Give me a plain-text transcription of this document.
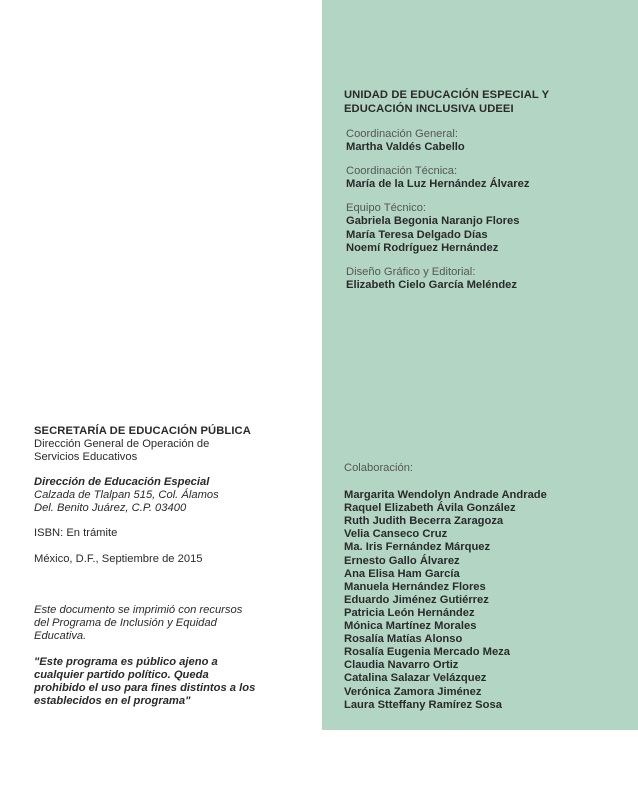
UNIDAD DE EDUCACIÓN ESPECIAL Y
EDUCACIÓN INCLUSIVA UDEEI
Coordinación General:
Martha Valdés Cabello
Coordinación Técnica:
María de la Luz Hernández Álvarez
Equipo Técnico:
Gabriela Begonia Naranjo Flores
María Teresa Delgado Días
Noemí Rodríguez Hernández
Diseño Gráfico y Editorial:
Elizabeth Cielo García Meléndez
Colaboración:
Margarita Wendolyn Andrade Andrade
Raquel Elizabeth Ávila González
Ruth Judith Becerra Zaragoza
Velia Canseco Cruz
Ma. Iris Fernández Márquez
Ernesto Gallo Álvarez
Ana Elisa Ham García
Manuela Hernández Flores
Eduardo Jiménez Gutiérrez
Patricia León Hernández
Mónica Martínez Morales
Rosalía Matías Alonso
Rosalía Eugenia Mercado Meza
Claudia Navarro Ortiz
Catalina Salazar Velázquez
Verónica Zamora Jiménez
Laura Stteffany Ramírez Sosa
SECRETARÍA DE EDUCACIÓN PÚBLICA
Dirección General de Operación de
Servicios Educativos
Dirección de Educación Especial
Calzada de Tlalpan 515, Col. Álamos
Del. Benito Juárez, C.P. 03400
ISBN: En trámite
México, D.F., Septiembre de 2015
Este documento se imprimió con recursos
del Programa de Inclusión y Equidad
Educativa.
"Este programa es público ajeno a
cualquier partido político. Queda
prohibido el uso para fines distintos a los
establecidos en el programa"
